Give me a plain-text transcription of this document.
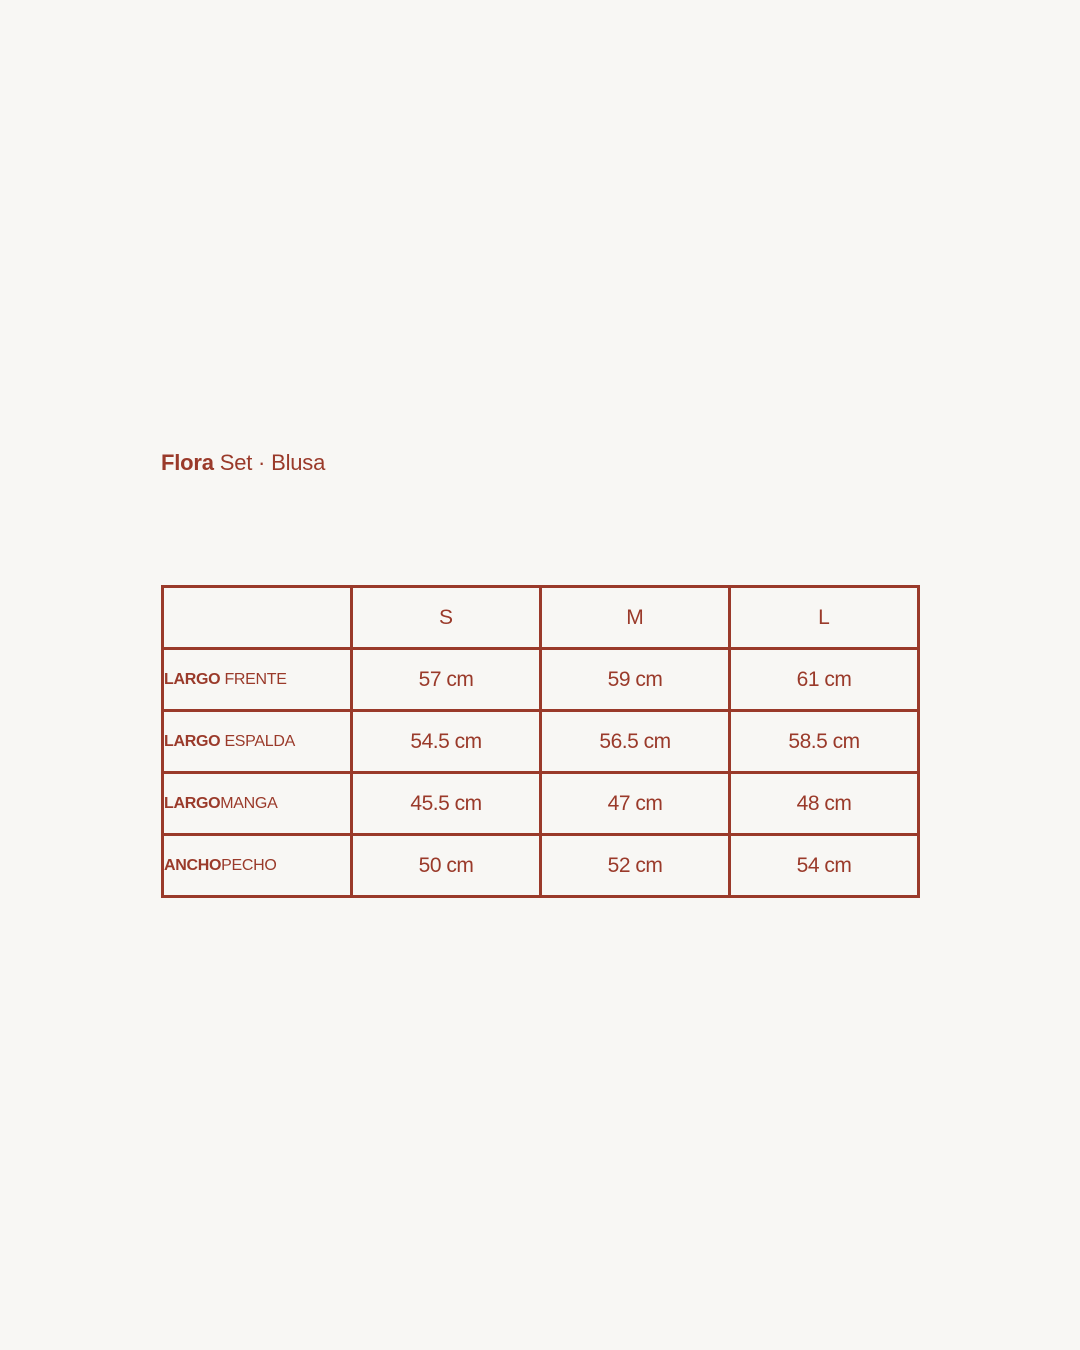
Flora Set · Blusa
	S	M	L
LARGO FRENTE	57 cm	59 cm	61 cm
LARGO ESPALDA	54.5 cm	56.5 cm	58.5 cm
LARGOMANGA	45.5 cm	47 cm	48 cm
ANCHOPECHO	50 cm	52 cm	54 cm
